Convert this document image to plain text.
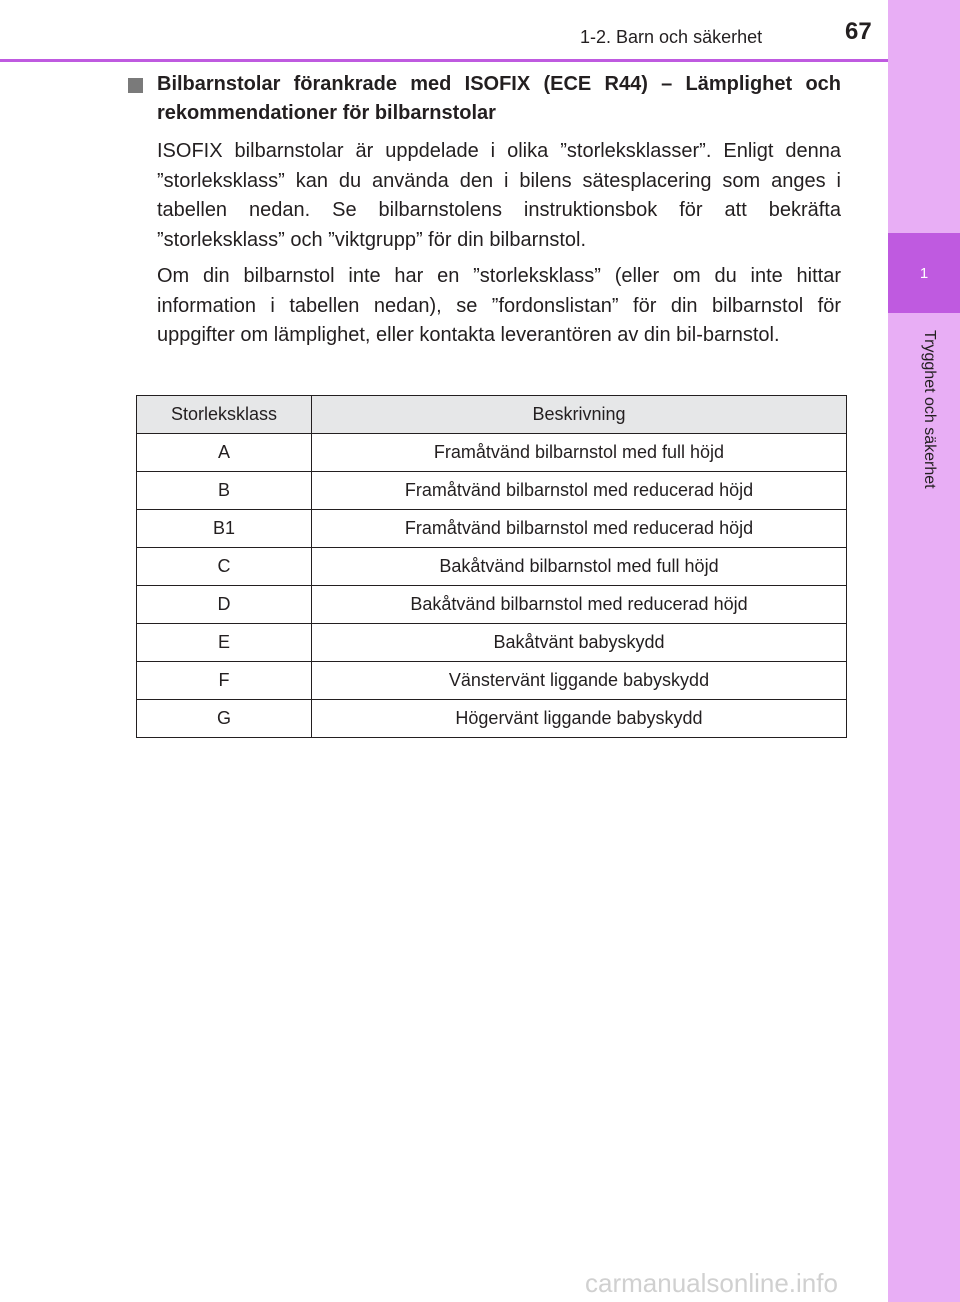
1
Trygghet och säkerhet
1-2. Barn och säkerhet	67
Bilbarnstolar förankrade med ISOFIX (ECE R44) – Lämplighet och rekommendationer för bilbarnstolar

ISOFIX bilbarnstolar är uppdelade i olika ”storleksklasser”. Enligt denna ”storleksklass” kan du använda den i bilens sätesplacering som anges i tabellen nedan. Se bilbarnstolens instruktionsbok för att bekräfta ”storleksklass” och ”viktgrupp” för din bilbarnstol.

Om din bilbarnstol inte har en ”storleksklass” (eller om du inte hittar information i tabellen nedan), se ”fordonslistan” för din bilbarnstol för uppgifter om lämplighet, eller kontakta leverantören av din bil-barnstol.

Storleksklass	Beskrivning
A	Framåtvänd bilbarnstol med full höjd
B	Framåtvänd bilbarnstol med reducerad höjd
B1	Framåtvänd bilbarnstol med reducerad höjd
C	Bakåtvänd bilbarnstol med full höjd
D	Bakåtvänd bilbarnstol med reducerad höjd
E	Bakåtvänt babyskydd
F	Vänstervänt liggande babyskydd
G	Högervänt liggande babyskydd
carmanualsonline.info
